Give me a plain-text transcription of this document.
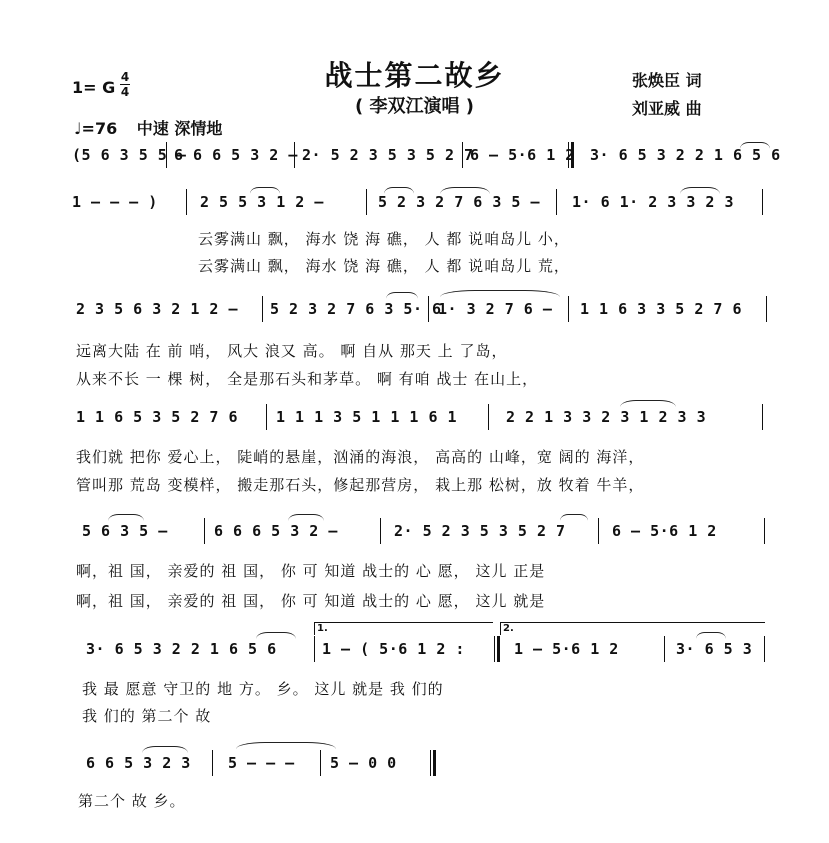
战士第二故乡
( 李双江演唱 )
1= G
4
4
♩=76 中速 深情地
张焕臣 词
刘亚威 曲
(5 6 3 5 5 –
6 6 6 5 3 2 – 2· 5 2 3 5 3 5 2 7
6 – 5·6 1 2 3· 6 5 3 2 2 1 6 5 6
1 – – – )	2 5 5 3 1 2 –	5 2 3 2 7 6 3 5 – 1· 6 1· 2 3 3 2 3
云雾满山 飘， 海水 饶 海 礁， 人 都 说咱岛儿 小，
云雾满山 飘， 海水 饶 海 礁， 人 都 说咱岛儿 荒，
2 3 5 6 3 2 1 2 – 5 2 3 2 7 6 3 5· 6
1· 3 2 7 6 – 1 1 6 3 3 5 2 7 6
远离大陆 在 前 哨， 风大 浪又 高。 啊 自从 那天 上 了岛，
从来不长 一 棵 树， 全是那石头和茅草。 啊 有咱 战士 在山上，
1 1 6 5 3 5 2 7 6	1 1 1 3 5 1 1 1 6 1	2 2 1 3 3 2 3 1 2 3 3
我们就 把你 爱心上， 陡峭的悬崖，汹涌的海浪， 高高的 山峰，宽 阔的 海洋，
管叫那 荒岛 变模样， 搬走那石头，修起那营房， 栽上那 松树，放 牧着 牛羊，
5 6 3 5 –	6 6 6 5 3 2 –	2· 5 2 3 5 3 5 2 7	6 – 5·6 1 2
啊，祖 国， 亲爱的 祖 国， 你 可 知道 战士的 心 愿， 这儿 正是
啊，祖 国， 亲爱的 祖 国， 你 可 知道 战士的 心 愿， 这儿 就是
3· 6 5 3 2 2 1 6 5 6	1 – ( 5·6 1 2 :	1 – 5·6 1 2	3· 6 5 3
1.	2.
我 最 愿意 守卫的 地 方。 乡。 这儿 就是 我 们的
我 们的 第二个 故
6 6 5 3 2 3 5 – – – 5 – 0 0
第二个 故 乡。
